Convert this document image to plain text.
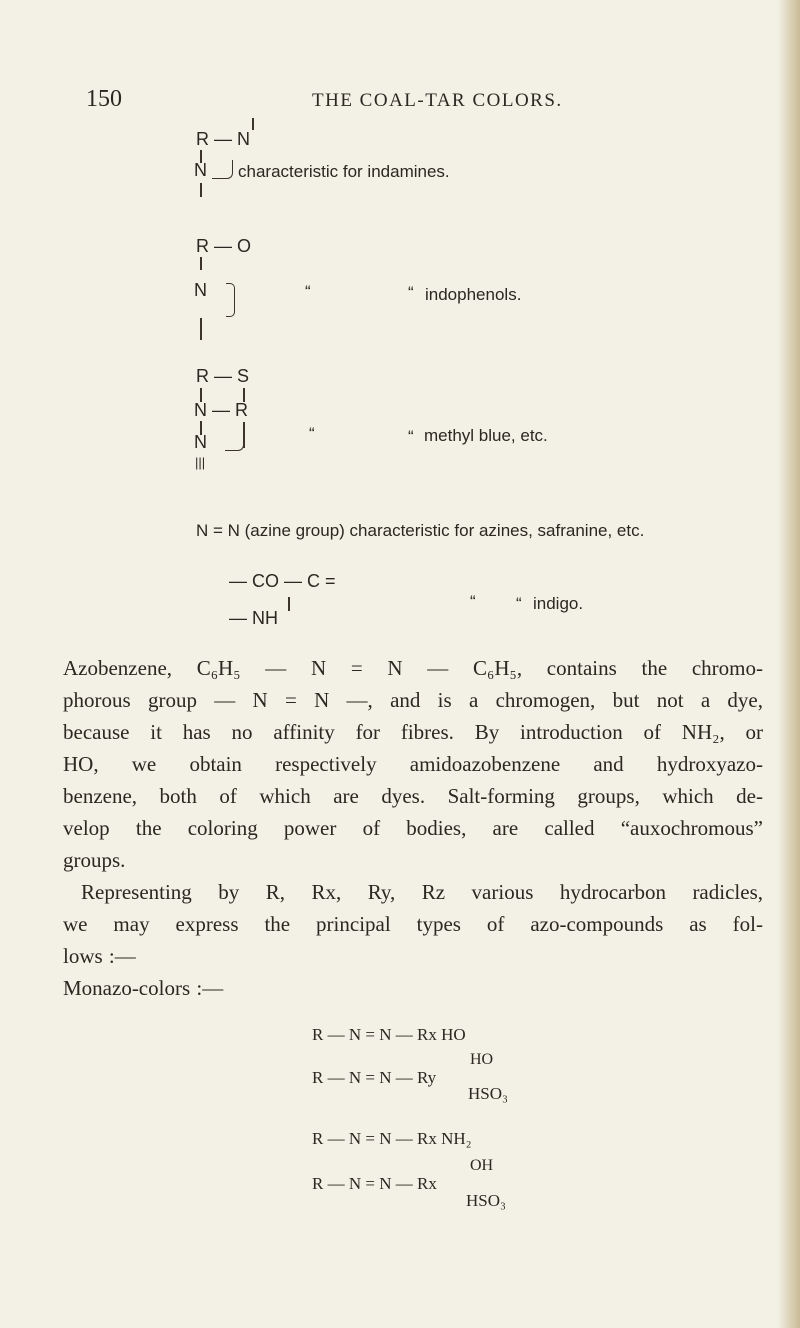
150	THE COAL-TAR COLORS.
R — N
N characteristic for indamines.
R — O
N	“	“ indophenols.
R — S
N — R
N
|||
“	“ methyl blue, etc.
N = N (azine group) characteristic for azines, safranine, etc.
— CO — C =
— NH
“ “ indigo.
Azobenzene, C₆H₅ — N = N — C₆H₅, contains the chromo-
phorous group — N = N —, and is a chromogen, but not a dye,
because it has no affinity for fibres. By introduction of NH₂, or
HO, we obtain respectively amidoazobenzene and hydroxyazo-
benzene, both of which are dyes. Salt-forming groups, which de-
velop the coloring power of bodies, are called “auxochromous”
groups.
Representing by R, Rx, Ry, Rz various hydrocarbon radicles,
we may express the principal types of azo-compounds as fol-
lows :—
Monazo-colors :—
R — N = N — Rx HO
R — N = N — Ry
HO
HSO₃
R — N = N — Rx NH₂
R — N = N — Rx
OH
HSO₃
